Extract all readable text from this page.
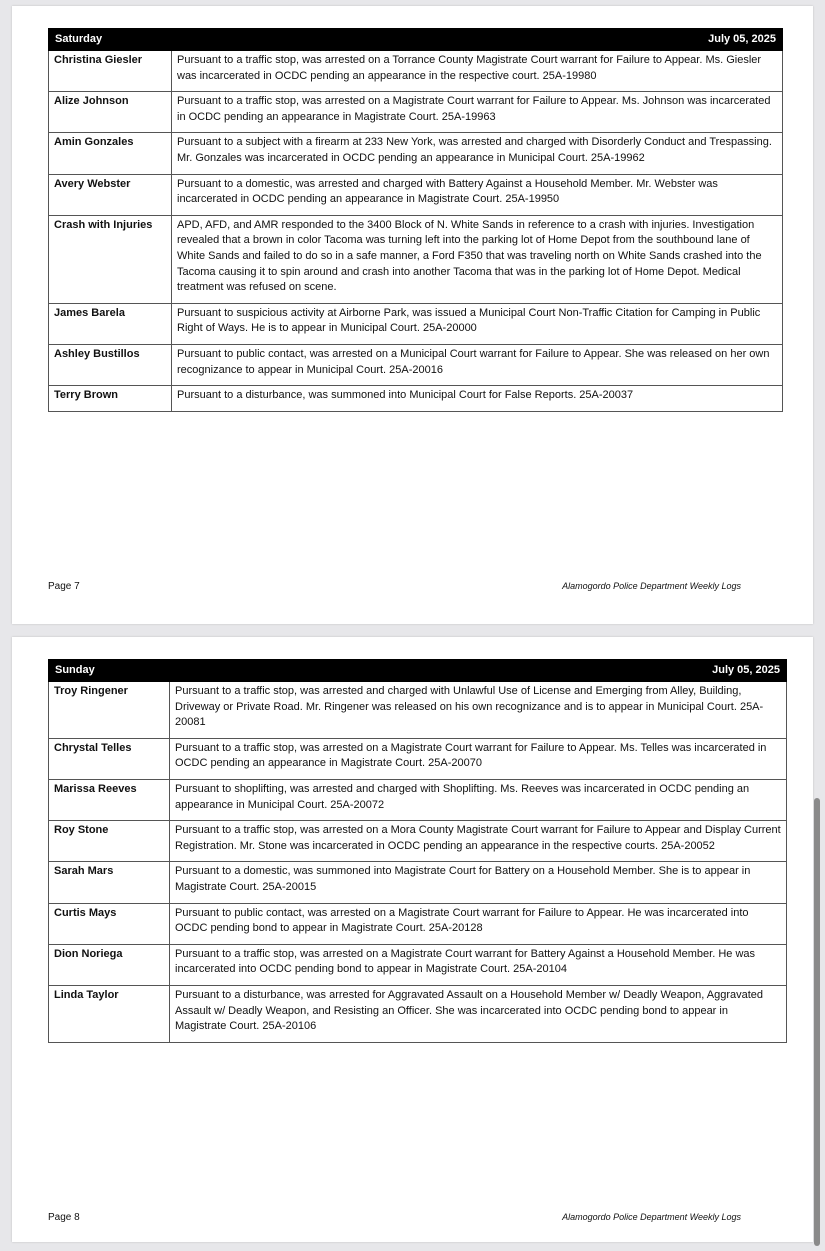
Saturday	July 05, 2025
Christina Giesler	Pursuant to a traffic stop, was arrested on a Torrance County Magistrate Court warrant for Failure to Appear. Ms. Giesler was incarcerated in OCDC pending an appearance in the respective court. 25A-19980
Alize Johnson	Pursuant to a traffic stop, was arrested on a Magistrate Court warrant for Failure to Appear. Ms. Johnson was incarcerated in OCDC pending an appearance in Magistrate Court. 25A-19963
Amin Gonzales	Pursuant to a subject with a firearm at 233 New York, was arrested and charged with Disorderly Conduct and Trespassing. Mr. Gonzales was incarcerated in OCDC pending an appearance in Municipal Court. 25A-19962
Avery Webster	Pursuant to a domestic, was arrested and charged with Battery Against a Household Member. Mr. Webster was incarcerated in OCDC pending an appearance in Magistrate Court. 25A-19950
Crash with Injuries	APD, AFD, and AMR responded to the 3400 Block of N. White Sands in reference to a crash with injuries. Investigation revealed that a brown in color Tacoma was turning left into the parking lot of Home Depot from the southbound lane of White Sands and failed to do so in a safe manner, a Ford F350 that was traveling north on White Sands crashed into the Tacoma causing it to spin around and crash into another Tacoma that was in the parking lot of Home Depot. Medical treatment was refused on scene.
James Barela	Pursuant to suspicious activity at Airborne Park, was issued a Municipal Court Non-Traffic Citation for Camping in Public Right of Ways. He is to appear in Municipal Court. 25A-20000
Ashley Bustillos	Pursuant to public contact, was arrested on a Municipal Court warrant for Failure to Appear. She was released on her own recognizance to appear in Municipal Court. 25A-20016
Terry Brown	Pursuant to a disturbance, was summoned into Municipal Court for False Reports. 25A-20037
Page 7	Alamogordo Police Department Weekly Logs
Sunday	July 05, 2025
Troy Ringener	Pursuant to a traffic stop, was arrested and charged with Unlawful Use of License and Emerging from Alley, Building, Driveway or Private Road. Mr. Ringener was released on his own recognizance and is to appear in Municipal Court. 25A-20081
Chrystal Telles	Pursuant to a traffic stop, was arrested on a Magistrate Court warrant for Failure to Appear. Ms. Telles was incarcerated in OCDC pending an appearance in Magistrate Court. 25A-20070
Marissa Reeves	Pursuant to shoplifting, was arrested and charged with Shoplifting. Ms. Reeves was incarcerated in OCDC pending an appearance in Municipal Court. 25A-20072
Roy Stone	Pursuant to a traffic stop, was arrested on a Mora County Magistrate Court warrant for Failure to Appear and Display Current Registration. Mr. Stone was incarcerated in OCDC pending an appearance in the respective courts. 25A-20052
Sarah Mars	Pursuant to a domestic, was summoned into Magistrate Court for Battery on a Household Member. She is to appear in Magistrate Court. 25A-20015
Curtis Mays	Pursuant to public contact, was arrested on a Magistrate Court warrant for Failure to Appear. He was incarcerated into OCDC pending bond to appear in Magistrate Court. 25A-20128
Dion Noriega	Pursuant to a traffic stop, was arrested on a Magistrate Court warrant for Battery Against a Household Member. He was incarcerated into OCDC pending bond to appear in Magistrate Court. 25A-20104
Linda Taylor	Pursuant to a disturbance, was arrested for Aggravated Assault on a Household Member w/ Deadly Weapon, Aggravated Assault w/ Deadly Weapon, and Resisting an Officer. She was incarcerated into OCDC pending bond to appear in Magistrate Court. 25A-20106
Page 8	Alamogordo Police Department Weekly Logs
